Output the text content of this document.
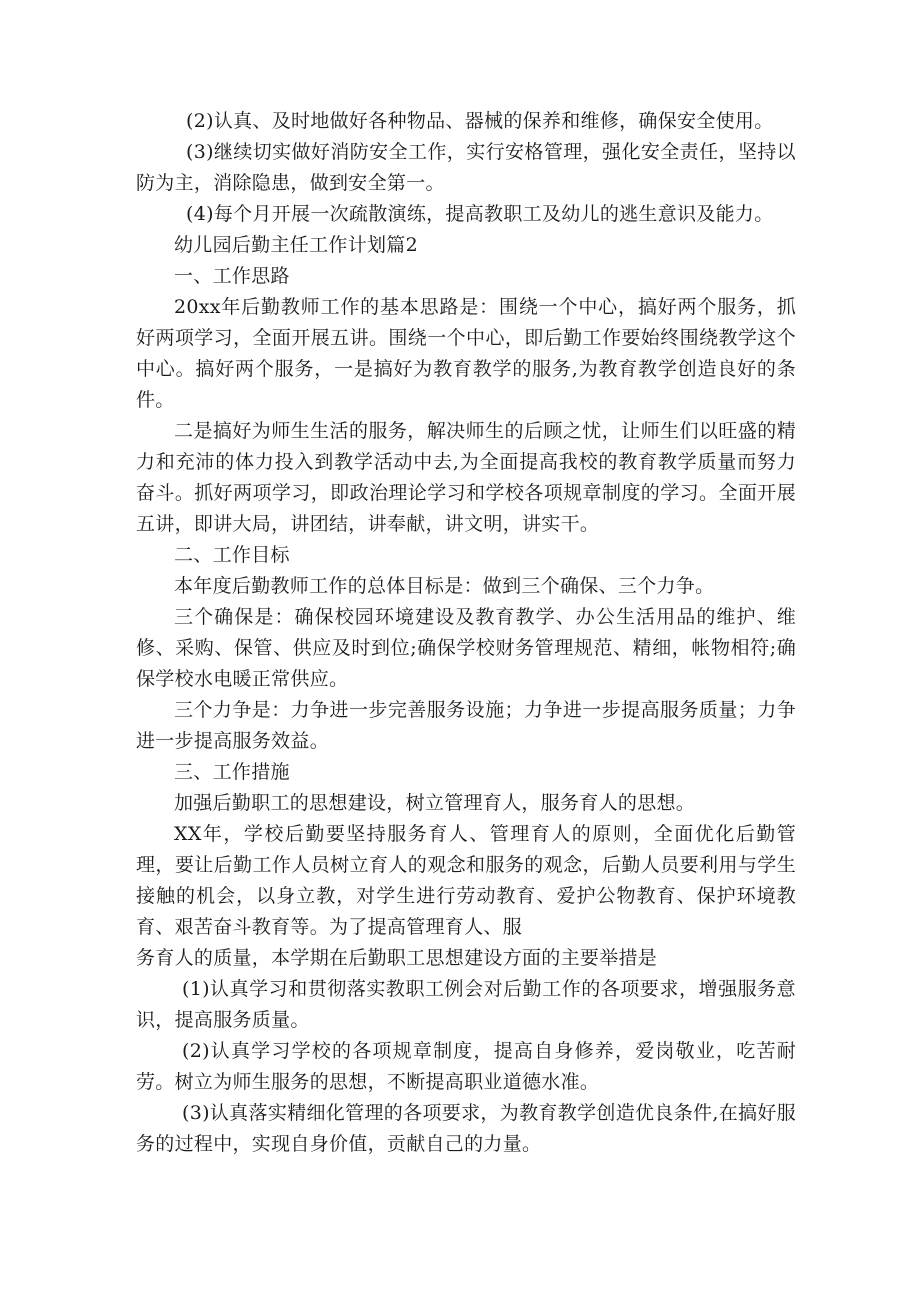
(2)认真、及时地做好各种物品、器械的保养和维修，确保安全使用。

(3)继续切实做好消防安全工作，实行安格管理，强化安全责任，坚持以防为主，消除隐患，做到安全第一。

(4)每个月开展一次疏散演练，提高教职工及幼儿的逃生意识及能力。

幼儿园后勤主任工作计划篇2

一、工作思路

20xx年后勤教师工作的基本思路是：围绕一个中心，搞好两个服务，抓好两项学习，全面开展五讲。围绕一个中心，即后勤工作要始终围绕教学这个中心。搞好两个服务，一是搞好为教育教学的服务,为教育教学创造良好的条件。

二是搞好为师生生活的服务，解决师生的后顾之忧，让师生们以旺盛的精力和充沛的体力投入到教学活动中去,为全面提高我校的教育教学质量而努力奋斗。抓好两项学习，即政治理论学习和学校各项规章制度的学习。全面开展五讲，即讲大局，讲团结，讲奉献，讲文明，讲实干。

二、工作目标

本年度后勤教师工作的总体目标是：做到三个确保、三个力争。

三个确保是：确保校园环境建设及教育教学、办公生活用品的维护、维修、采购、保管、供应及时到位;确保学校财务管理规范、精细，帐物相符;确保学校水电暖正常供应。

三个力争是：力争进一步完善服务设施；力争进一步提高服务质量；力争进一步提高服务效益。

三、工作措施

加强后勤职工的思想建设，树立管理育人，服务育人的思想。

XX年，学校后勤要坚持服务育人、管理育人的原则，全面优化后勤管理，要让后勤工作人员树立育人的观念和服务的观念，后勤人员要利用与学生接触的机会，以身立教，对学生进行劳动教育、爱护公物教育、保护环境教育、艰苦奋斗教育等。为了提高管理育人、服

务育人的质量，本学期在后勤职工思想建设方面的主要举措是

(1)认真学习和贯彻落实教职工例会对后勤工作的各项要求，增强服务意识，提高服务质量。

(2)认真学习学校的各项规章制度，提高自身修养，爱岗敬业，吃苦耐劳。树立为师生服务的思想，不断提高职业道德水准。

(3)认真落实精细化管理的各项要求，为教育教学创造优良条件,在搞好服务的过程中，实现自身价值，贡献自己的力量。
